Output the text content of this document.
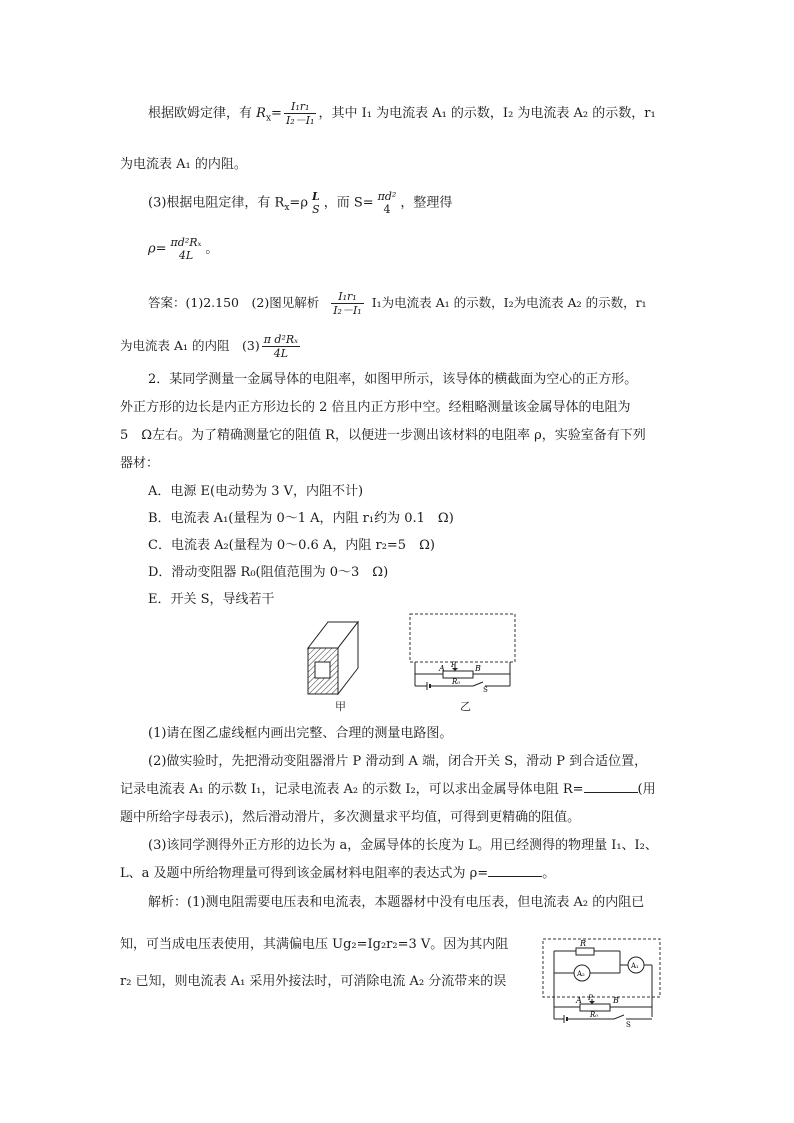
根据欧姆定律，有 $R_x= \frac{\text{I₁r₁}}{\text{I₂－I₁}}$ ，其中 I₁ 为电流表 A₁ 的示数，I₂ 为电流表 A₂ 的示数，r₁
为电流表 A₁ 的内阻。
(3)根据电阻定律，有 $R_x=\rho$ L
S ，而 S= πd²
4 ，整理得
ρ= πd²Rₓ
4L 。
答案：(1)2.150　(2)图见解析 $\frac{\text{I₁r₁}}{\text{I₂－I₁}} I_1$为电流表 A₁ 的示数，I₂为电流表 A₂ 的示数，r₁
为电流表 A₁ 的内阻　$(3) \frac{\text{π d²Rₓ}}{4L}$
2．某同学测量一金属导体的电阻率，如图甲所示，该导体的横截面为空心的正方形。
外正方形的边长是内正方形边长的 2 倍且内正方形中空。经粗略测量该金属导体的电阻为
5　Ω左右。为了精确测量它的阻值 R，以便进一步测出该材料的电阻率 ρ，实验室备有下列
器材：
A．电源 E(电动势为 3 V，内阻不计)
B．电流表 A₁(量程为 0～1 A，内阻 r₁约为 0.1　Ω)
C．电流表 A₂(量程为 0～0.6 A，内阻 r₂=5　Ω)
D．滑动变阻器 R₀(阻值范围为 0～3　Ω)
E．开关 S，导线若干
甲
A P B
R₀
S
乙
(1)请在图乙虚线框内画出完整、合理的测量电路图。
(2)做实验时，先把滑动变阻器滑片 P 滑动到 A 端，闭合开关 S，滑动 P 到合适位置，
记录电流表 A₁ 的示数 I₁，记录电流表 A₂ 的示数 I₂，可以求出金属导体电阻 R=	(用
题中所给字母表示)，然后滑动滑片，多次测量求平均值，可得到更精确的阻值。
(3)该同学测得外正方形的边长为 a，金属导体的长度为 L。用已经测得的物理量 I₁、I₂、
L、a 及题中所给物理量可得到该金属材料电阻率的表达式为 ρ=	。
解析：(1)测电阻需要电压表和电流表，本题器材中没有电压表，但电流表 A₂ 的内阻已
知，可当成电压表使用，其满偏电压 Ug₂=Ig₂r₂=3 V。因为其内阻
r₂ 已知，则电流表 A₁ 采用外接法时，可消除电流 A₂ 分流带来的误
R
A₂
A₁
A P	B
R₀
S
